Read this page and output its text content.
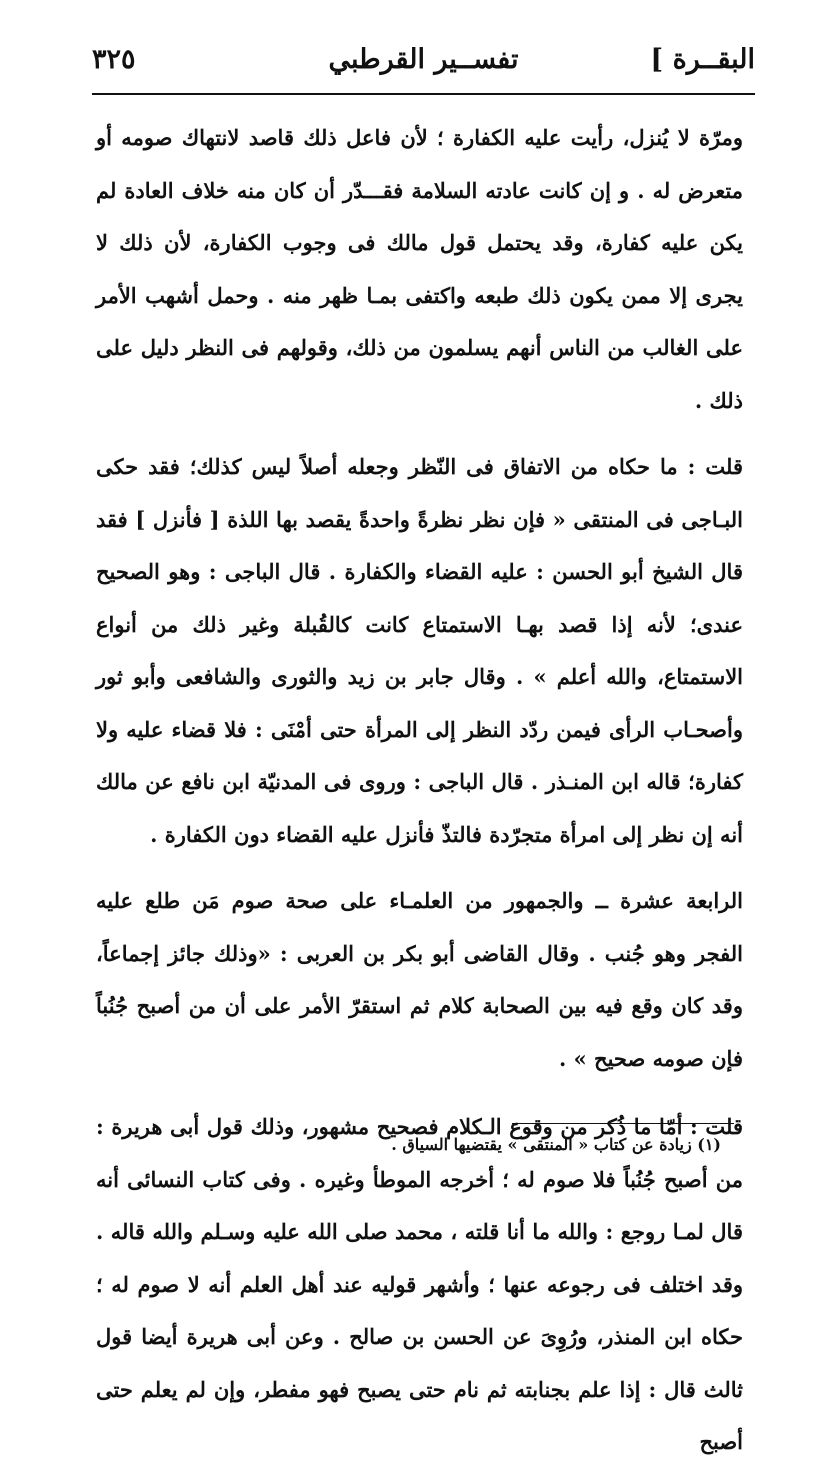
البقــرة ]
تفســير القرطبي
٣٢٥

ومرّة لا يُنزل، رأيت عليه الكفارة ؛ لأن فاعل ذلك قاصد لانتهاك صومه أو متعرض له . و إن كانت عادته السلامة فقـــدّر أن كان منه خلاف العادة لم يكن عليه كفارة، وقد يحتمل قول مالك فى وجوب الكفارة، لأن ذلك لا يجرى إلا ممن يكون ذلك طبعه واكتفى بمـا ظهر منه . وحمل أشهب الأمر على الغالب من الناس أنهم يسلمون من ذلك، وقولهم فى النظر دليل على ذلك .

قلت : ما حكاه من الاتفاق فى النّظر وجعله أصلاً ليس كذلك؛ فقد حكى البـاجى فى المنتقى « فإن نظر نظرةً واحدةً يقصد بها اللذة [ فأنزل ] فقد قال الشيخ أبو الحسن : عليه القضاء والكفارة . قال الباجى : وهو الصحيح عندى؛ لأنه إذا قصد بهـا الاستمتاع كانت كالقُبلة وغير ذلك من أنواع الاستمتاع، والله أعلم » . وقال جابر بن زيد والثورى والشافعى وأبو ثور وأصحـاب الرأى فيمن ردّد النظر إلى المرأة حتى أمْنَى : فلا قضاء عليه ولا كفارة؛ قاله ابن المنـذر . قال الباجى : وروى فى المدنيّة ابن نافع عن مالك أنه إن نظر إلى امرأة متجرّدة فالتذّ فأنزل عليه القضاء دون الكفارة .

الرابعة عشرة ــ والجمهور من العلمـاء على صحة صوم مَن طلع عليه الفجر وهو جُنب . وقال القاضى أبو بكر بن العربى : «وذلك جائز إجماعاً، وقد كان وقع فيه بين الصحابة كلام ثم استقرّ الأمر على أن من أصبح جُنُباً فإن صومه صحيح » .

قلت : أمّا ما ذُكر من وقوع الـكلام فصحيح مشهور، وذلك قول أبى هريرة : من أصبح جُنُباً فلا صوم له ؛ أخرجه الموطأ وغيره . وفى كتاب النسائى أنه قال لمـا روجع : والله ما أنا قلته ، محمد صلى الله عليه وسـلم والله قاله . وقد اختلف فى رجوعه عنها ؛ وأشهر قوليه عند أهل العلم أنه لا صوم له ؛ حكاه ابن المنذر، ورُوِىَ عن الحسن بن صالح . وعن أبى هريرة أيضا قول ثالث قال : إذا علم بجنابته ثم نام حتى يصبح فهو مفطر، وإن لم يعلم حتى أصبح

(١) زيادة عن كتاب « المنتقى » يقتضيها السياق .
